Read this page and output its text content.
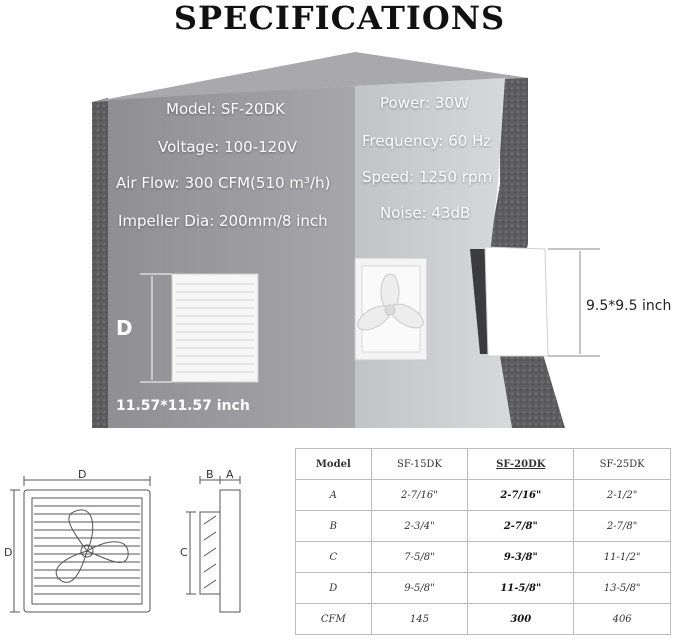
SPECIFICATIONS
Model: SF-20DK
Voltage: 100-120V
Air Flow: 300 CFM(510 m³/h)
Impeller Dia: 200mm/8 inch
Power: 30W
Frequency: 60 Hz
Speed: 1250 rpm
Noise: 43dB
D
11.57*11.57 inch
9.5*9.5 inch
D
D
B A
C
Model	SF-15DK	SF-20DK	SF-25DK
A	2-7/16"	2-7/16"	2-1/2"
B	2-3/4"	2-7/8"	2-7/8"
C	7-5/8"	9-3/8"	11-1/2"
D	9-5/8"	11-5/8"	13-5/8"
CFM	145	300	406
